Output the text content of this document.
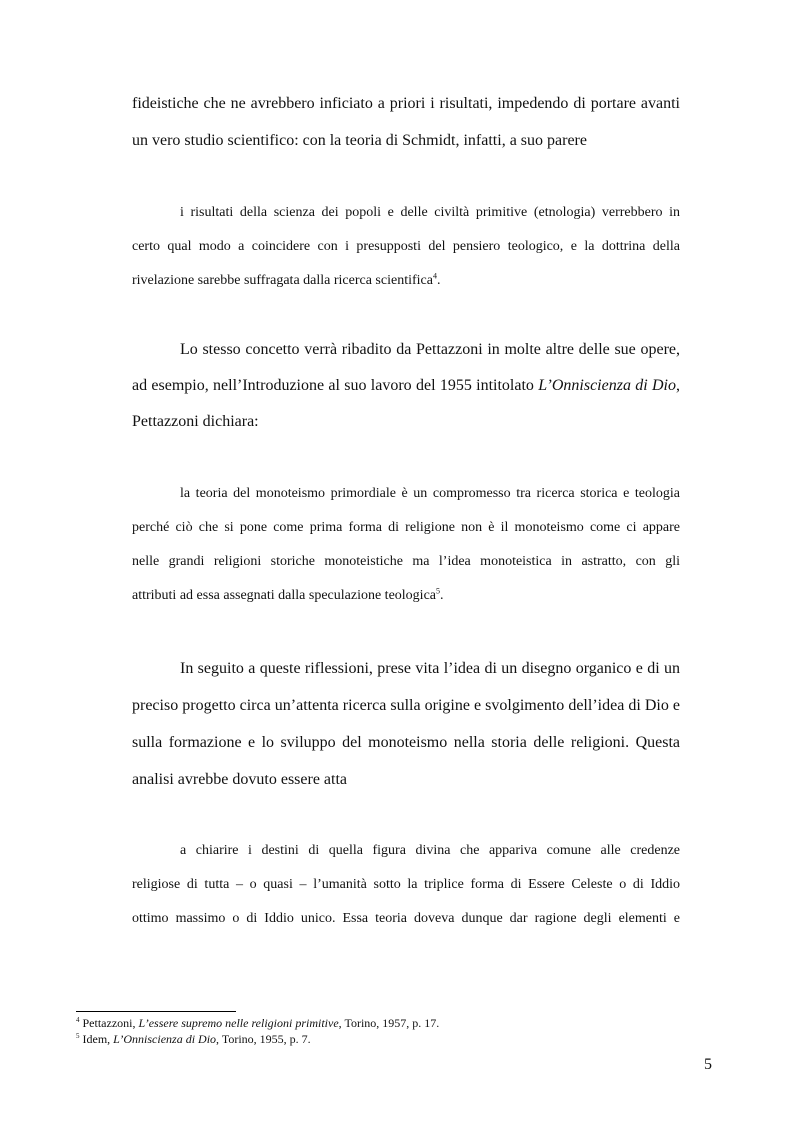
fideistiche che ne avrebbero inficiato a priori i risultati, impedendo di portare avanti

un vero studio scientifico: con la teoria di Schmidt, infatti, a suo parere

i risultati della scienza dei popoli e delle civiltà primitive (etnologia) verrebbero in

certo qual modo a coincidere con i presupposti del pensiero teologico, e la dottrina della

rivelazione sarebbe suffragata dalla ricerca scientifica$^4$.

Lo stesso concetto verrà ribadito da Pettazzoni in molte altre delle sue opere,

ad esempio, nell’Introduzione al suo lavoro del 1955 intitolato L’Onniscienza di Dio,

Pettazzoni dichiara:

la teoria del monoteismo primordiale è un compromesso tra ricerca storica e teologia

perché ciò che si pone come prima forma di religione non è il monoteismo come ci appare

nelle grandi religioni storiche monoteistiche ma l’idea monoteistica in astratto, con gli

attributi ad essa assegnati dalla speculazione teologica$^5$.

In seguito a queste riflessioni, prese vita l’idea di un disegno organico e di un

preciso progetto circa un’attenta ricerca sulla origine e svolgimento dell’idea di Dio e

sulla formazione e lo sviluppo del monoteismo nella storia delle religioni. Questa

analisi avrebbe dovuto essere atta

a chiarire i destini di quella figura divina che appariva comune alle credenze

religiose di tutta – o quasi – l’umanità sotto la triplice forma di Essere Celeste o di Iddio

ottimo massimo o di Iddio unico. Essa teoria doveva dunque dar ragione degli elementi e

$^4$ Pettazzoni, L’essere supremo nelle religioni primitive, Torino, 1957, p. 17.
$^5$ Idem, L’Onniscienza di Dio, Torino, 1955, p. 7.
5
